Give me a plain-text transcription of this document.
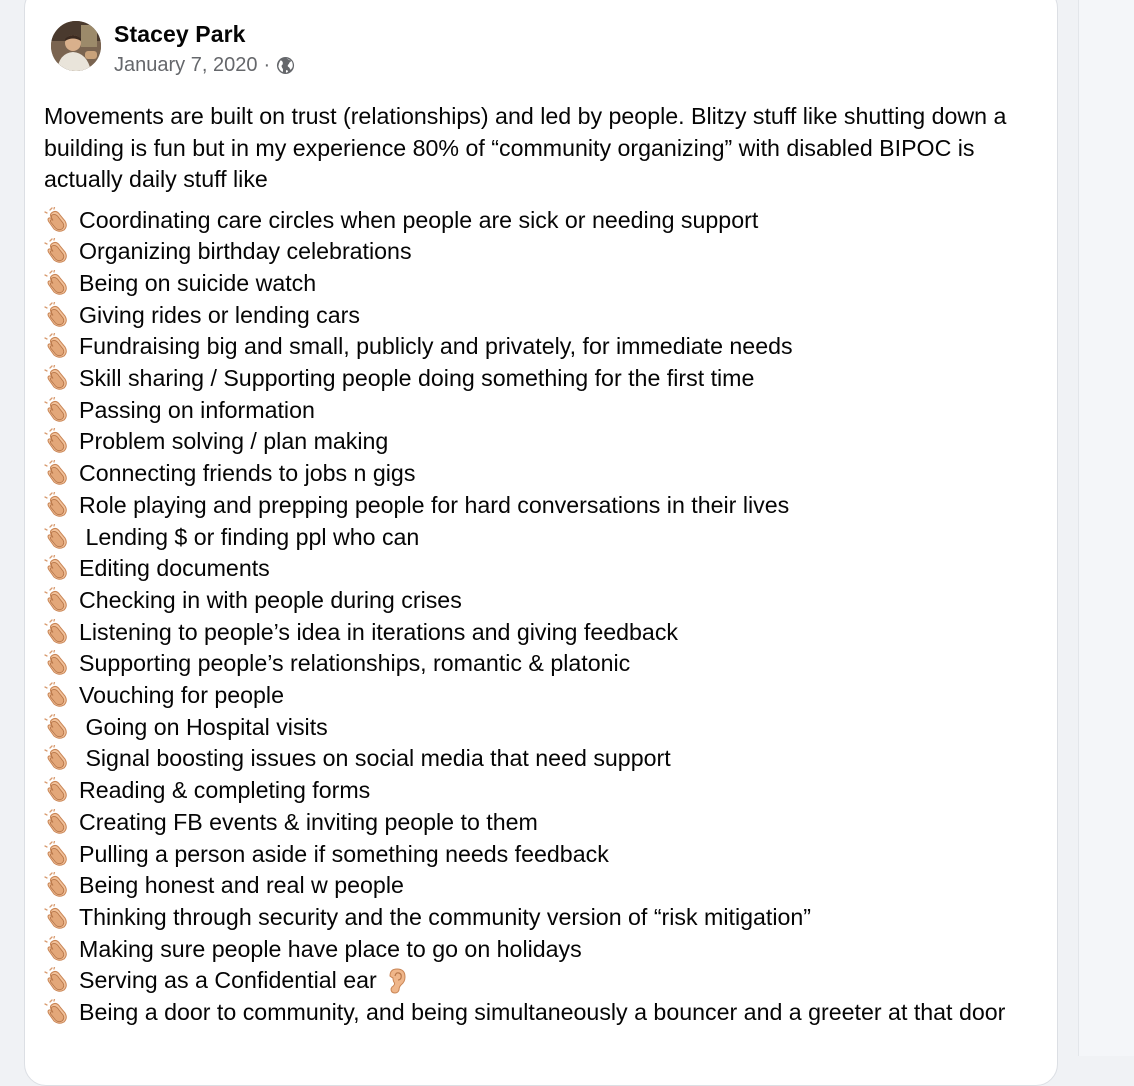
Stacey Park
January 7, 2020 ·

Movements are built on trust (relationships) and led by people. Blitzy stuff like shutting down a building is fun but in my experience 80% of “community organizing” with disabled BIPOC is actually daily stuff like

Coordinating care circles when people are sick or needing support
Organizing birthday celebrations
Being on suicide watch
Giving rides or lending cars
Fundraising big and small, publicly and privately, for immediate needs
Skill sharing / Supporting people doing something for the first time
Passing on information
Problem solving / plan making
Connecting friends to jobs n gigs
Role playing and prepping people for hard conversations in their lives
Lending $ or finding ppl who can
Editing documents
Checking in with people during crises
Listening to people’s idea in iterations and giving feedback
Supporting people’s relationships, romantic & platonic
Vouching for people
Going on Hospital visits
Signal boosting issues on social media that need support
Reading & completing forms
Creating FB events & inviting people to them
Pulling a person aside if something needs feedback
Being honest and real w people
Thinking through security and the community version of “risk mitigation”
Making sure people have place to go on holidays
Serving as a Confidential ear
Being a door to community, and being simultaneously a bouncer and a greeter at that door
